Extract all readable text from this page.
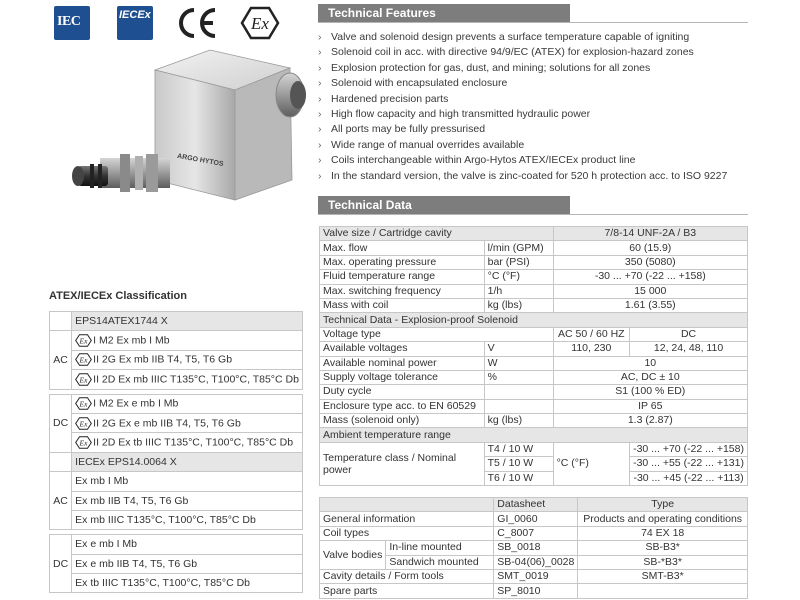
IEC	IECEx	Ex
ARGO HYTOS
Technical Features
› Valve and solenoid design prevents a surface temperature capable of igniting
› Solenoid coil in acc. with directive 94/9/EC (ATEX) for explosion-hazard zones
› Explosion protection for gas, dust, and mining; solutions for all zones
› Solenoid with encapsulated enclosure
› Hardened precision parts
› High flow capacity and high transmitted hydraulic power
› All ports may be fully pressurised
› Wide range of manual overrides available
› Coils interchangeable within Argo-Hytos ATEX/IECEx product line
› In the standard version, the valve is zinc-coated for 520 h protection acc. to ISO 9227
Technical Data
Valve size / Cartridge cavity		7/8-14 UNF-2A / B3	
Max. flow	l/min (GPM)	60 (15.9)	
Max. operating pressure	bar (PSI)	350 (5080)	
Fluid temperature range	°C (°F)	-30 ... +70 (-22 ... +158)	
Max. switching frequency	1/h	15 000	
Mass with coil	kg (lbs)	1.61 (3.55)	
Technical Data - Explosion-proof Solenoid			
Voltage type		AC 50 / 60 HZ	DC
Available voltages	V	110, 230	12, 24, 48, 110
Available nominal power	W	10	
Supply voltage tolerance	%	AC, DC ± 10	
Duty cycle		S1 (100 % ED)	
Enclosure type acc. to EN 60529		IP 65	
Mass (solenoid only)	kg (lbs)	1.3 (2.87)	
Ambient temperature range			
Temperature class / Nominal power	T4 / 10 W	°C (°F)	-30 ... +70 (-22 ... +158)
	T5 / 10 W		-30 ... +55 (-22 ... +131)
	T6 / 10 W		-30 ... +45 (-22 ... +113)
		Datasheet	Type
General information		GI_0060	Products and operating conditions
Coil types		C_8007	74 EX 18
Valve bodies	In-line mounted	SB_0018	SB-B3*
	Sandwich mounted	SB-04(06)_0028	SB-*B3*
Cavity details / Form tools		SMT_0019	SMT-B3*
Spare parts		SP_8010	
ATEX/IECEx Classification
	EPS14ATEX1744 X
AC	Ex I M2 Ex mb I Mb

Ex II 2G Ex mb IIB T4, T5, T6 Gb

Ex II 2D Ex mb IIIC T135°C, T100°C, T85°C Db

DC	Ex I M2 Ex e mb I Mb

Ex II 2G Ex e mb IIB T4, T5, T6 Gb

Ex II 2D Ex tb IIIC T135°C, T100°C, T85°C Db
	IECEx EPS14.0064 X
AC	Ex mb I Mb
	Ex mb IIB T4, T5, T6 Gb
	Ex mb IIIC T135°C, T100°C, T85°C Db

DC	Ex e mb I Mb
	Ex e mb IIB T4, T5, T6 Gb
	Ex tb IIIC T135°C, T100°C, T85°C Db
